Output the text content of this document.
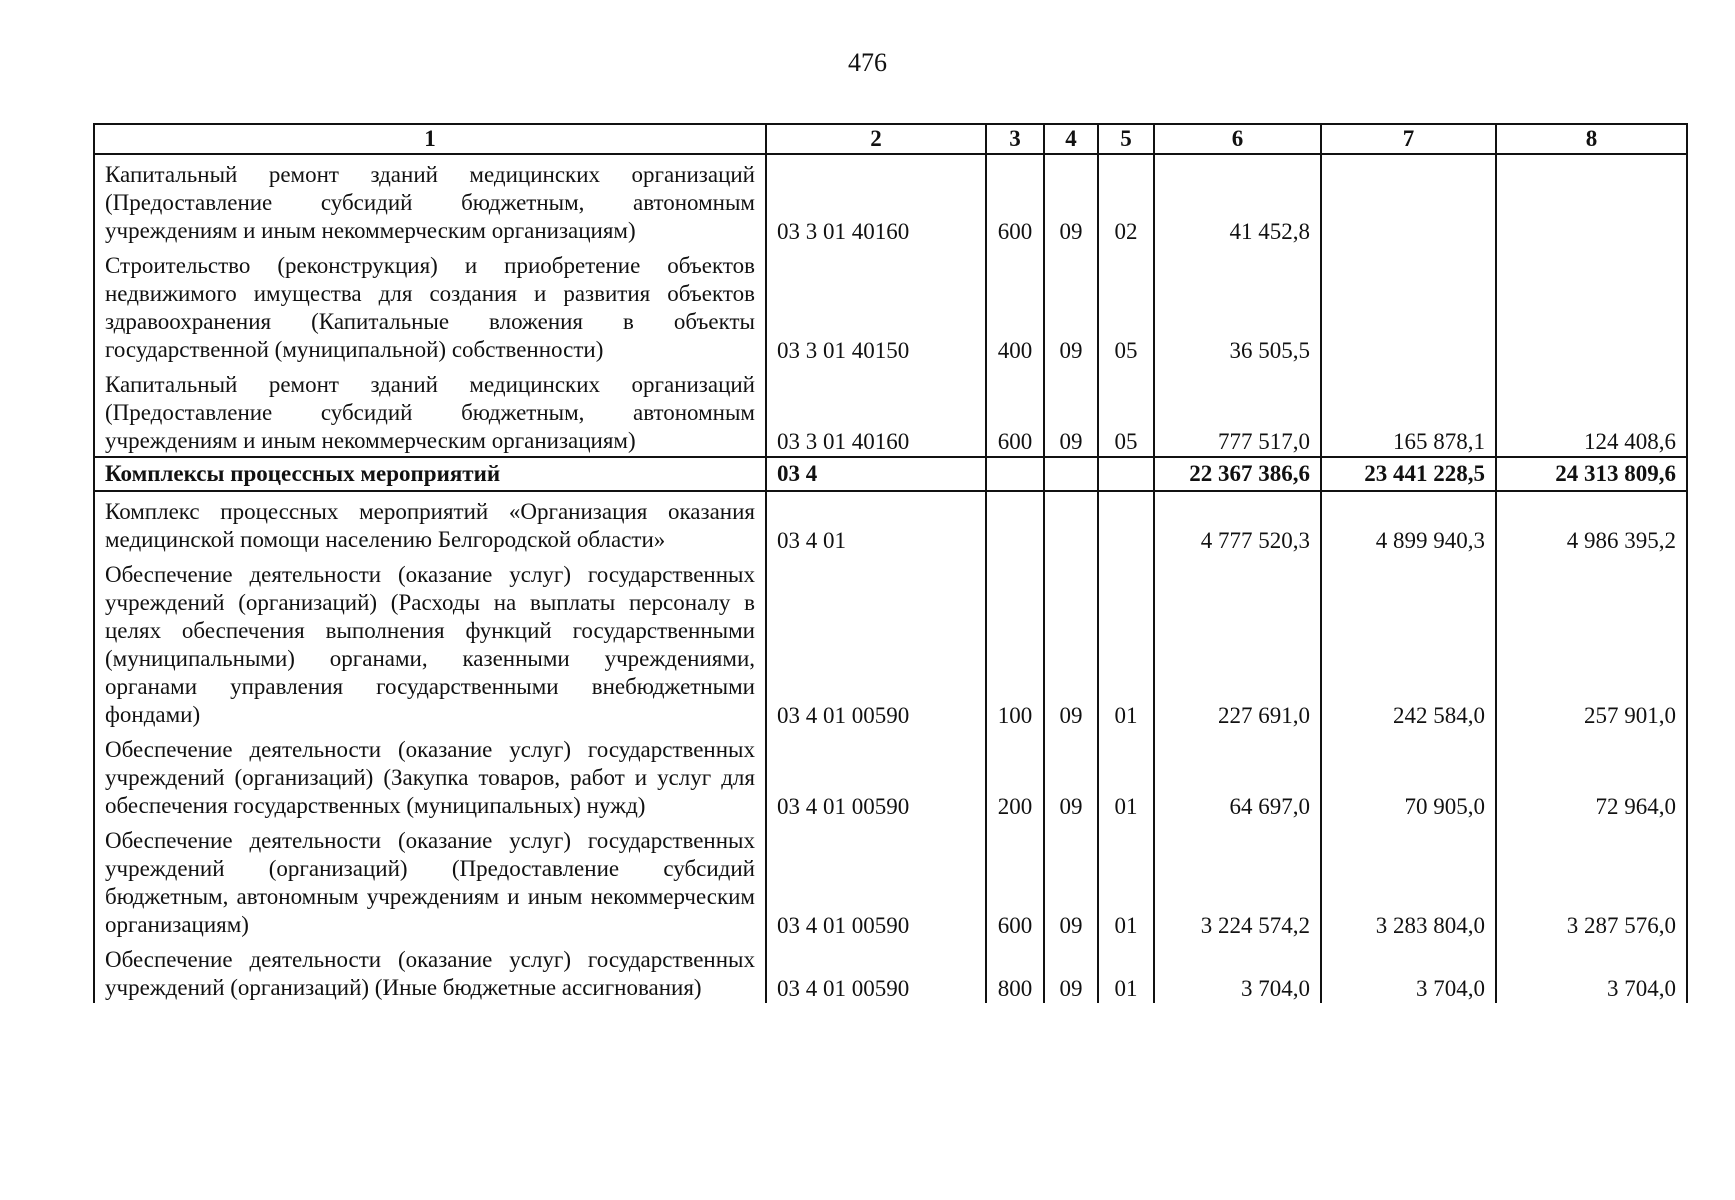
476
1	2	3	4	5	6	7	8
Капитальный ремонт зданий медицинских организаций (Предоставление субсидий бюджетным, автономным учреждениям и иным некоммерческим организациям)	03 3 01 40160	600	09	02	41 452,8		
Строительство (реконструкция) и приобретение объектов недвижимого имущества для создания и развития объектов здравоохранения (Капитальные вложения в объекты государственной (муниципальной) собственности)	03 3 01 40150	400	09	05	36 505,5		
Капитальный ремонт зданий медицинских организаций (Предоставление субсидий бюджетным, автономным учреждениям и иным некоммерческим организациям)	03 3 01 40160	600	09	05	777 517,0	165 878,1	124 408,6
Комплексы процессных мероприятий	03 4				22 367 386,6	23 441 228,5	24 313 809,6
Комплекс процессных мероприятий «Организация оказания медицинской помощи населению Белгородской области»	03 4 01				4 777 520,3	4 899 940,3	4 986 395,2
Обеспечение деятельности (оказание услуг) государственных учреждений (организаций) (Расходы на выплаты персоналу в целях обеспечения выполнения функций государственными (муниципальными) органами, казенными учреждениями, органами управления государственными внебюджетными фондами)	03 4 01 00590	100	09	01	227 691,0	242 584,0	257 901,0
Обеспечение деятельности (оказание услуг) государственных учреждений (организаций) (Закупка товаров, работ и услуг для обеспечения государственных (муниципальных) нужд)	03 4 01 00590	200	09	01	64 697,0	70 905,0	72 964,0
Обеспечение деятельности (оказание услуг) государственных учреждений (организаций) (Предоставление субсидий бюджетным, автономным учреждениям и иным некоммерческим организациям)	03 4 01 00590	600	09	01	3 224 574,2	3 283 804,0	3 287 576,0
Обеспечение деятельности (оказание услуг) государственных учреждений (организаций) (Иные бюджетные ассигнования)	03 4 01 00590	800	09	01	3 704,0	3 704,0	3 704,0
